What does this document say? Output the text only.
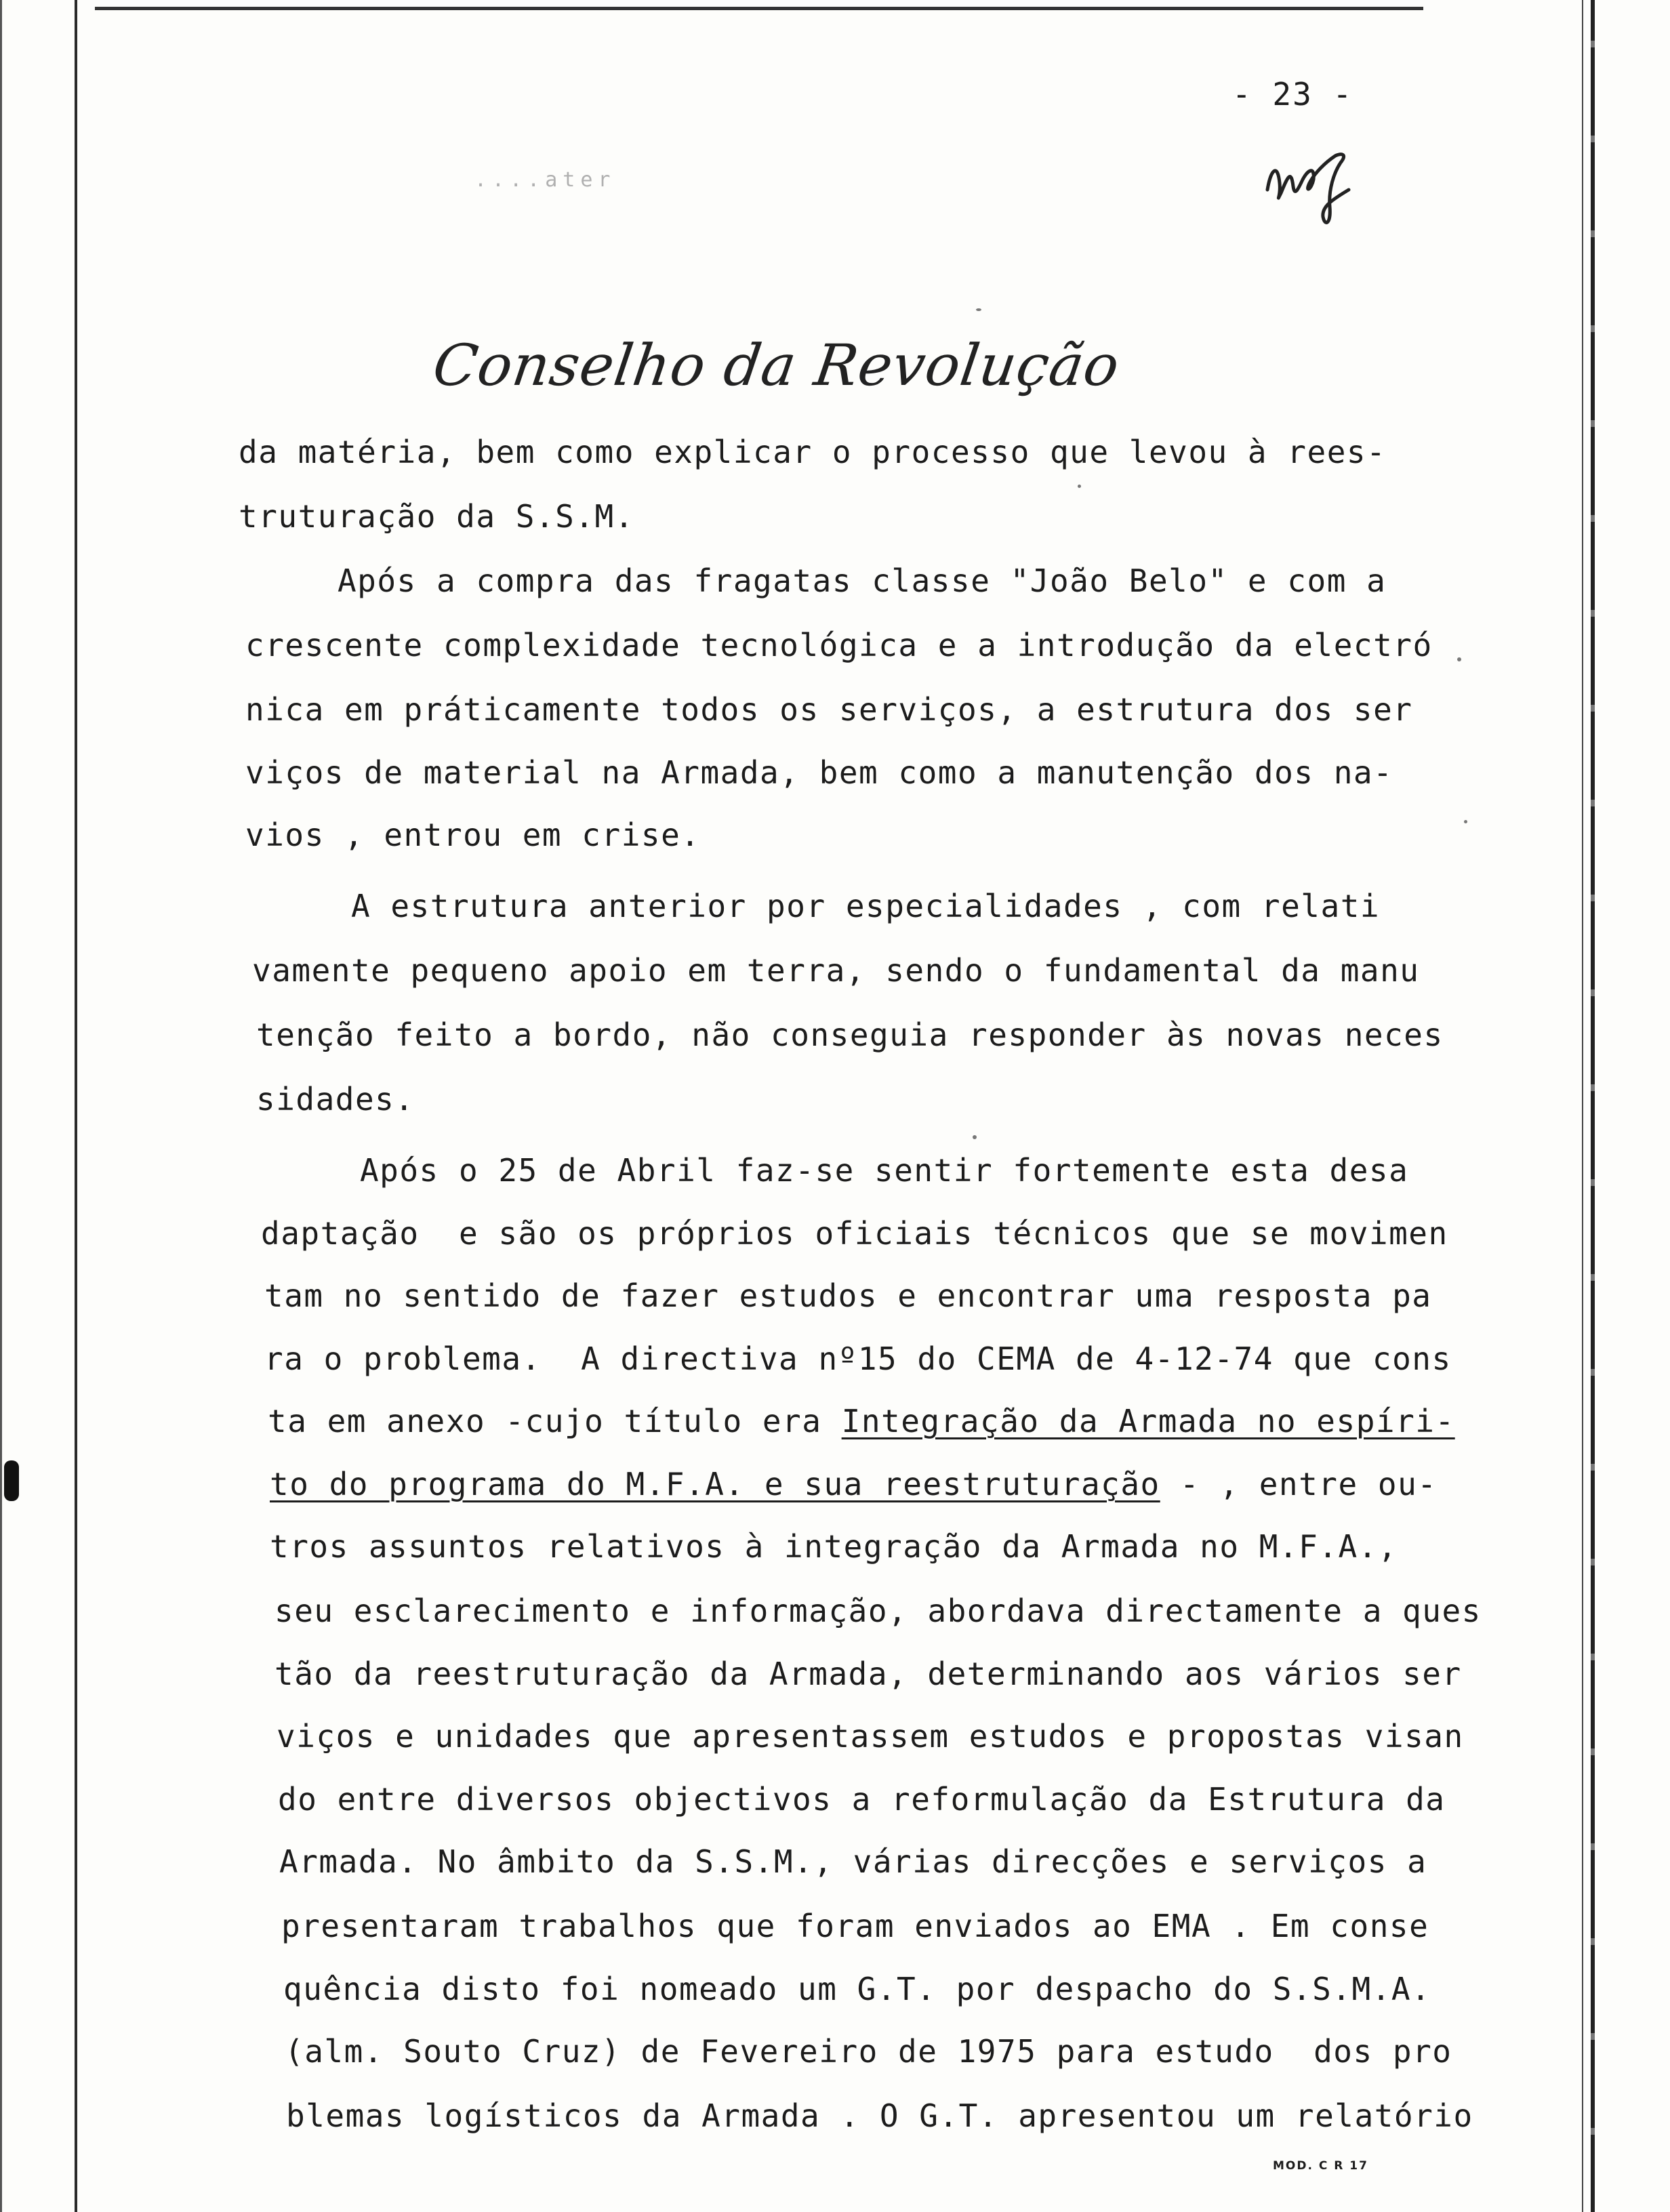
....ater
- 23 -
Conselho da Revolução
da matéria, bem como explicar o processo que levou à rees-
truturação da S.S.M.
Após a compra das fragatas classe "João Belo" e com a
crescente complexidade tecnológica e a introdução da electró
nica em práticamente todos os serviços, a estrutura dos ser
viços de material na Armada, bem como a manutenção dos na-
vios , entrou em crise.
A estrutura anterior por especialidades , com relati
vamente pequeno apoio em terra, sendo o fundamental da manu
tenção feito a bordo, não conseguia responder às novas neces
sidades.
Após o 25 de Abril faz-se sentir fortemente esta desa
daptação  e são os próprios oficiais técnicos que se movimen
tam no sentido de fazer estudos e encontrar uma resposta pa
ra o problema.  A directiva nº15 do CEMA de 4-12-74 que cons
ta em anexo -cujo título era Integração da Armada no espíri-
to do programa do M.F.A. e sua reestruturação - , entre ou-
tros assuntos relativos à integração da Armada no M.F.A.,
seu esclarecimento e informação, abordava directamente a ques
tão da reestruturação da Armada, determinando aos vários ser
viços e unidades que apresentassem estudos e propostas visan
do entre diversos objectivos a reformulação da Estrutura da
Armada. No âmbito da S.S.M., várias direcções e serviços a
presentaram trabalhos que foram enviados ao EMA . Em conse
quência disto foi nomeado um G.T. por despacho do S.S.M.A.
(alm. Souto Cruz) de Fevereiro de 1975 para estudo  dos pro
blemas logísticos da Armada . O G.T. apresentou um relatório
MOD. C R 17
